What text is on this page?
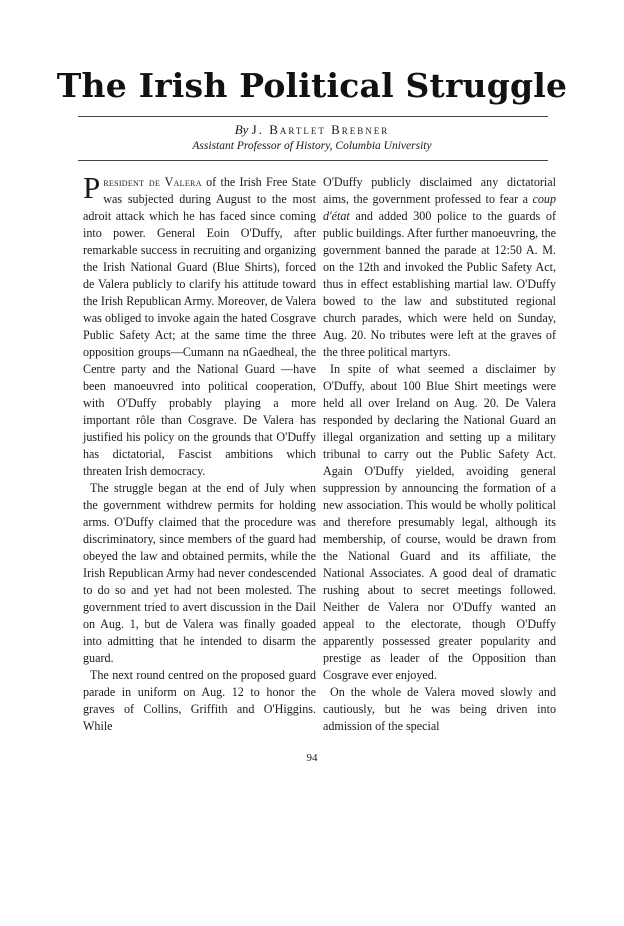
The Irish Political Struggle
By J. Bartlet Brebner
Assistant Professor of History, Columbia University

President de Valera of the Irish Free State was subjected during August to the most adroit attack which he has faced since coming into power. General Eoin O'Duffy, after remarkable success in recruiting and organizing the Irish National Guard (Blue Shirts), forced de Valera publicly to clarify his attitude toward the Irish Republican Army. Moreover, de Valera was obliged to invoke again the hated Cosgrave Public Safety Act; at the same time the three opposition groups—Cumann na nGaedheal, the Centre party and the National Guard —have been manoeuvred into political cooperation, with O'Duffy probably playing a more important rôle than Cosgrave. De Valera has justified his policy on the grounds that O'Duffy has dictatorial, Fascist ambitions which threaten Irish democracy.

The struggle began at the end of July when the government withdrew permits for holding arms. O'Duffy claimed that the procedure was discriminatory, since members of the guard had obeyed the law and obtained permits, while the Irish Republican Army had never condescended to do so and yet had not been molested. The government tried to avert discussion in the Dail on Aug. 1, but de Valera was finally goaded into admitting that he intended to disarm the guard.

The next round centred on the proposed guard parade in uniform on Aug. 12 to honor the graves of Collins, Griffith and O'Higgins. While

O'Duffy publicly disclaimed any dictatorial aims, the government professed to fear a coup d'état and added 300 police to the guards of public buildings. After further manoeuvring, the government banned the parade at 12:50 A. M. on the 12th and invoked the Public Safety Act, thus in effect establishing martial law. O'Duffy bowed to the law and substituted regional church parades, which were held on Sunday, Aug. 20. No tributes were left at the graves of the three political martyrs.

In spite of what seemed a disclaimer by O'Duffy, about 100 Blue Shirt meetings were held all over Ireland on Aug. 20. De Valera responded by declaring the National Guard an illegal organization and setting up a military tribunal to carry out the Public Safety Act. Again O'Duffy yielded, avoiding general suppression by announcing the formation of a new association. This would be wholly political and therefore presumably legal, although its membership, of course, would be drawn from the National Guard and its affiliate, the National Associates. A good deal of dramatic rushing about to secret meetings followed. Neither de Valera nor O'Duffy wanted an appeal to the electorate, though O'Duffy apparently possessed greater popularity and prestige as leader of the Opposition than Cosgrave ever enjoyed.

On the whole de Valera moved slowly and cautiously, but he was being driven into admission of the special

94
